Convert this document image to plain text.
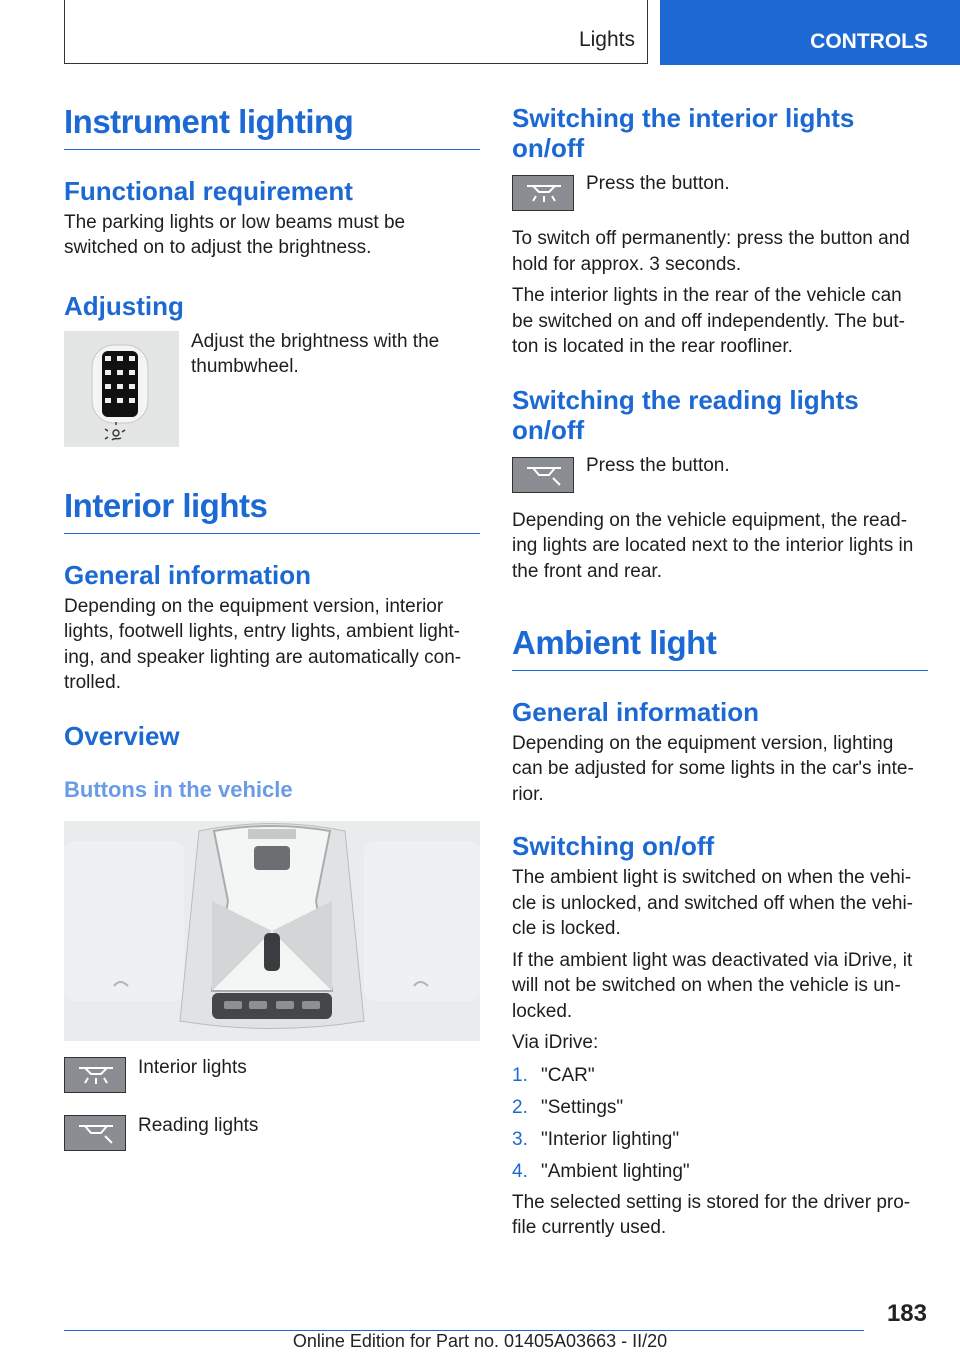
Lights	CONTROLS
Instrument lighting
Functional requirement

The parking lights or low beams must be switched on to adjust the brightness.

Adjusting

Adjust the brightness with the thumbwheel.

Interior lights
General information

Depending on the equipment version, interior lights, footwell lights, entry lights, ambient light‐ ing, and speaker lighting are automatically con‐ trolled.

Overview
Buttons in the vehicle

Interior lights

Reading lights

Switching the interior lights on/off

Press the button.

To switch off permanently: press the button and hold for approx. 3 seconds.

The interior lights in the rear of the vehicle can be switched on and off independently. The but‐ ton is located in the rear roofliner.

Switching the reading lights on/off

Press the button.

Depending on the vehicle equipment, the read‐ ing lights are located next to the interior lights in the front and rear.

Ambient light
General information

Depending on the equipment version, lighting can be adjusted for some lights in the car's inte‐ rior.

Switching on/off

The ambient light is switched on when the vehi‐ cle is unlocked, and switched off when the vehi‐ cle is locked.

If the ambient light was deactivated via iDrive, it will not be switched on when the vehicle is un‐ locked.

Via iDrive:

1. "CAR"
2. "Settings"
3. "Interior lighting"
4. "Ambient lighting"

The selected setting is stored for the driver pro‐ file currently used.

183
Online Edition for Part no. 01405A03663 - II/20
